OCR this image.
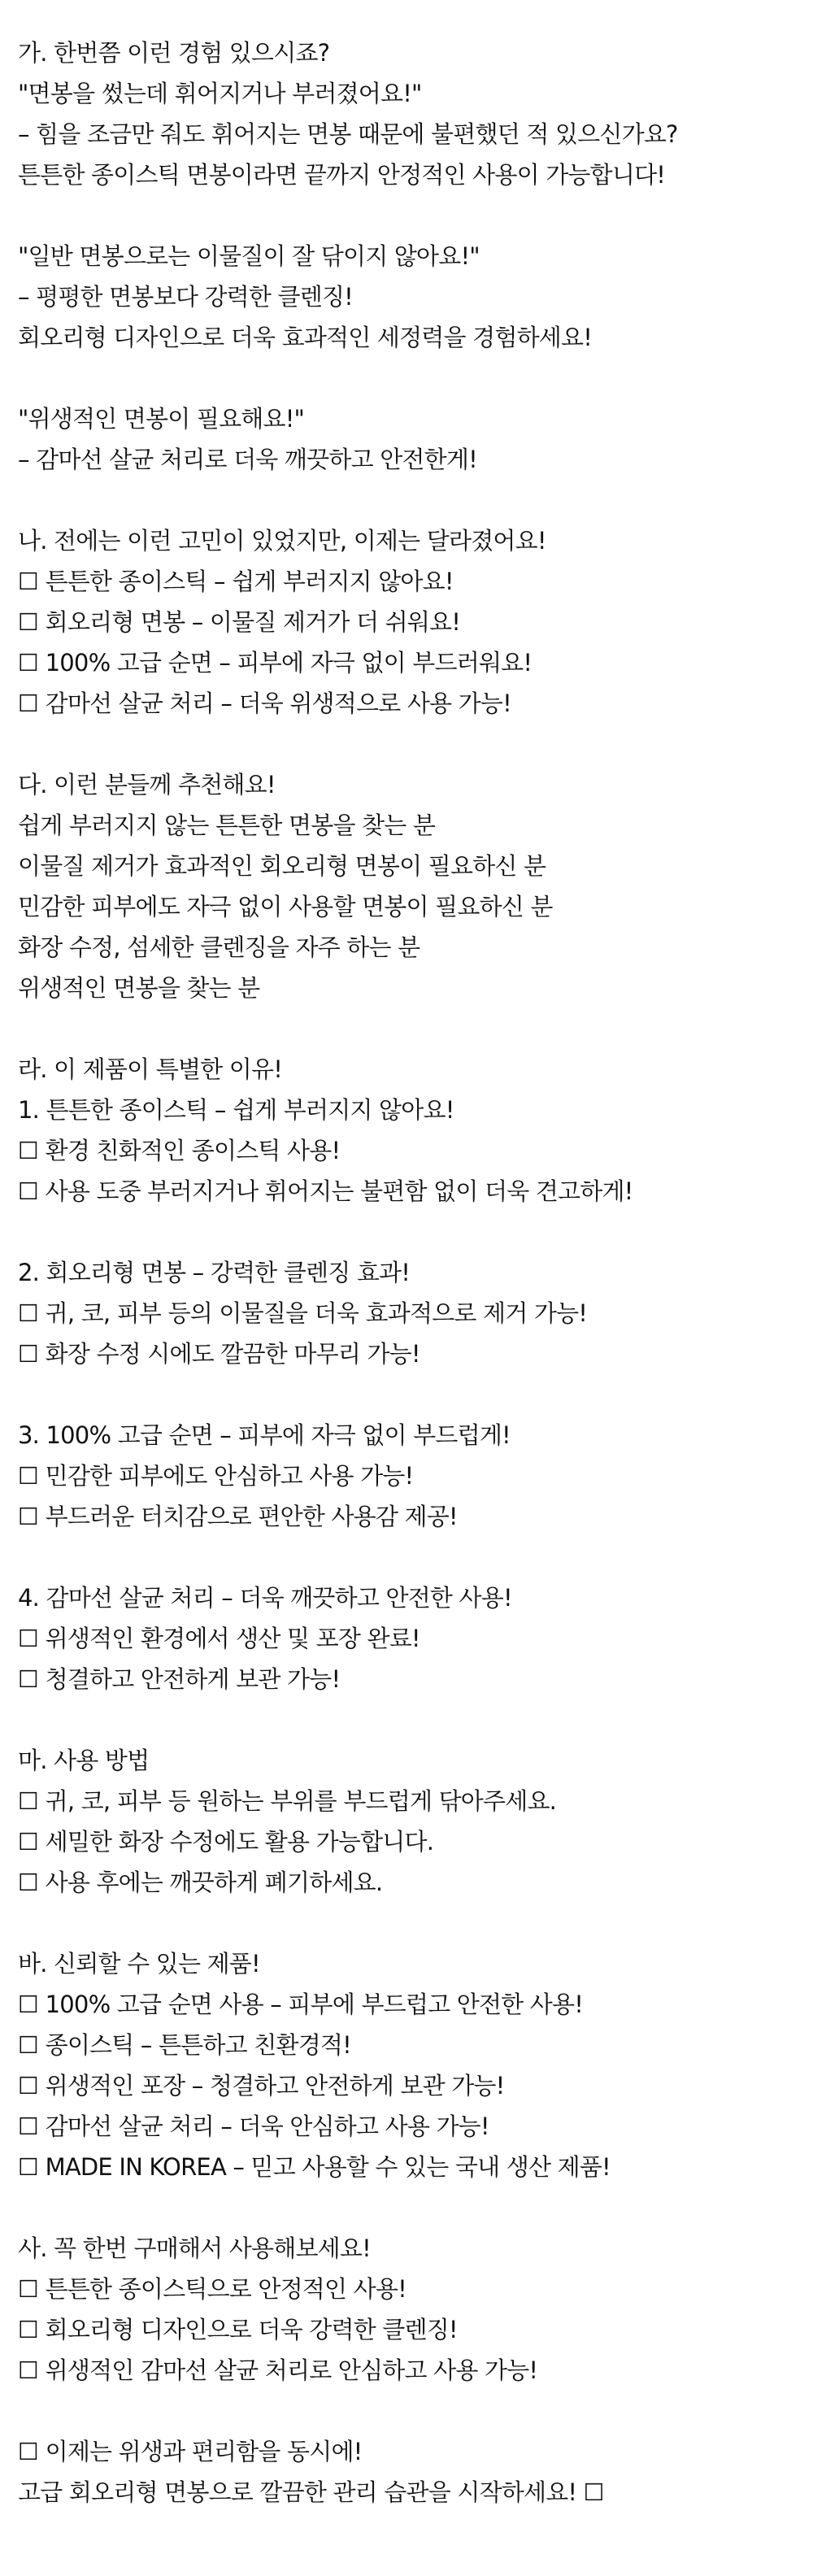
가. 한번쯤 이런 경험 있으시죠?
"면봉을 썼는데 휘어지거나 부러졌어요!"
– 힘을 조금만 줘도 휘어지는 면봉 때문에 불편했던 적 있으신가요?
튼튼한 종이스틱 면봉이라면 끝까지 안정적인 사용이 가능합니다!
"일반 면봉으로는 이물질이 잘 닦이지 않아요!"
– 평평한 면봉보다 강력한 클렌징!
회오리형 디자인으로 더욱 효과적인 세정력을 경험하세요!
"위생적인 면봉이 필요해요!"
– 감마선 살균 처리로 더욱 깨끗하고 안전한게!
나. 전에는 이런 고민이 있었지만, 이제는 달라졌어요!
☐ 튼튼한 종이스틱 – 쉽게 부러지지 않아요!
☐ 회오리형 면봉 – 이물질 제거가 더 쉬워요!
☐ 100% 고급 순면 – 피부에 자극 없이 부드러워요!
☐ 감마선 살균 처리 – 더욱 위생적으로 사용 가능!
다. 이런 분들께 추천해요!
쉽게 부러지지 않는 튼튼한 면봉을 찾는 분
이물질 제거가 효과적인 회오리형 면봉이 필요하신 분
민감한 피부에도 자극 없이 사용할 면봉이 필요하신 분
화장 수정, 섬세한 클렌징을 자주 하는 분
위생적인 면봉을 찾는 분
라. 이 제품이 특별한 이유!
1. 튼튼한 종이스틱 – 쉽게 부러지지 않아요!
☐ 환경 친화적인 종이스틱 사용!
☐ 사용 도중 부러지거나 휘어지는 불편함 없이 더욱 견고하게!
2. 회오리형 면봉 – 강력한 클렌징 효과!
☐ 귀, 코, 피부 등의 이물질을 더욱 효과적으로 제거 가능!
☐ 화장 수정 시에도 깔끔한 마무리 가능!
3. 100% 고급 순면 – 피부에 자극 없이 부드럽게!
☐ 민감한 피부에도 안심하고 사용 가능!
☐ 부드러운 터치감으로 편안한 사용감 제공!
4. 감마선 살균 처리 – 더욱 깨끗하고 안전한 사용!
☐ 위생적인 환경에서 생산 및 포장 완료!
☐ 청결하고 안전하게 보관 가능!
마. 사용 방법
☐ 귀, 코, 피부 등 원하는 부위를 부드럽게 닦아주세요.
☐ 세밀한 화장 수정에도 활용 가능합니다.
☐ 사용 후에는 깨끗하게 폐기하세요.
바. 신뢰할 수 있는 제품!
☐ 100% 고급 순면 사용 – 피부에 부드럽고 안전한 사용!
☐ 종이스틱 – 튼튼하고 친환경적!
☐ 위생적인 포장 – 청결하고 안전하게 보관 가능!
☐ 감마선 살균 처리 – 더욱 안심하고 사용 가능!
☐ MADE IN KOREA – 믿고 사용할 수 있는 국내 생산 제품!
사. 꼭 한번 구매해서 사용해보세요!
☐ 튼튼한 종이스틱으로 안정적인 사용!
☐ 회오리형 디자인으로 더욱 강력한 클렌징!
☐ 위생적인 감마선 살균 처리로 안심하고 사용 가능!
☐ 이제는 위생과 편리함을 동시에!
고급 회오리형 면봉으로 깔끔한 관리 습관을 시작하세요! ☐
